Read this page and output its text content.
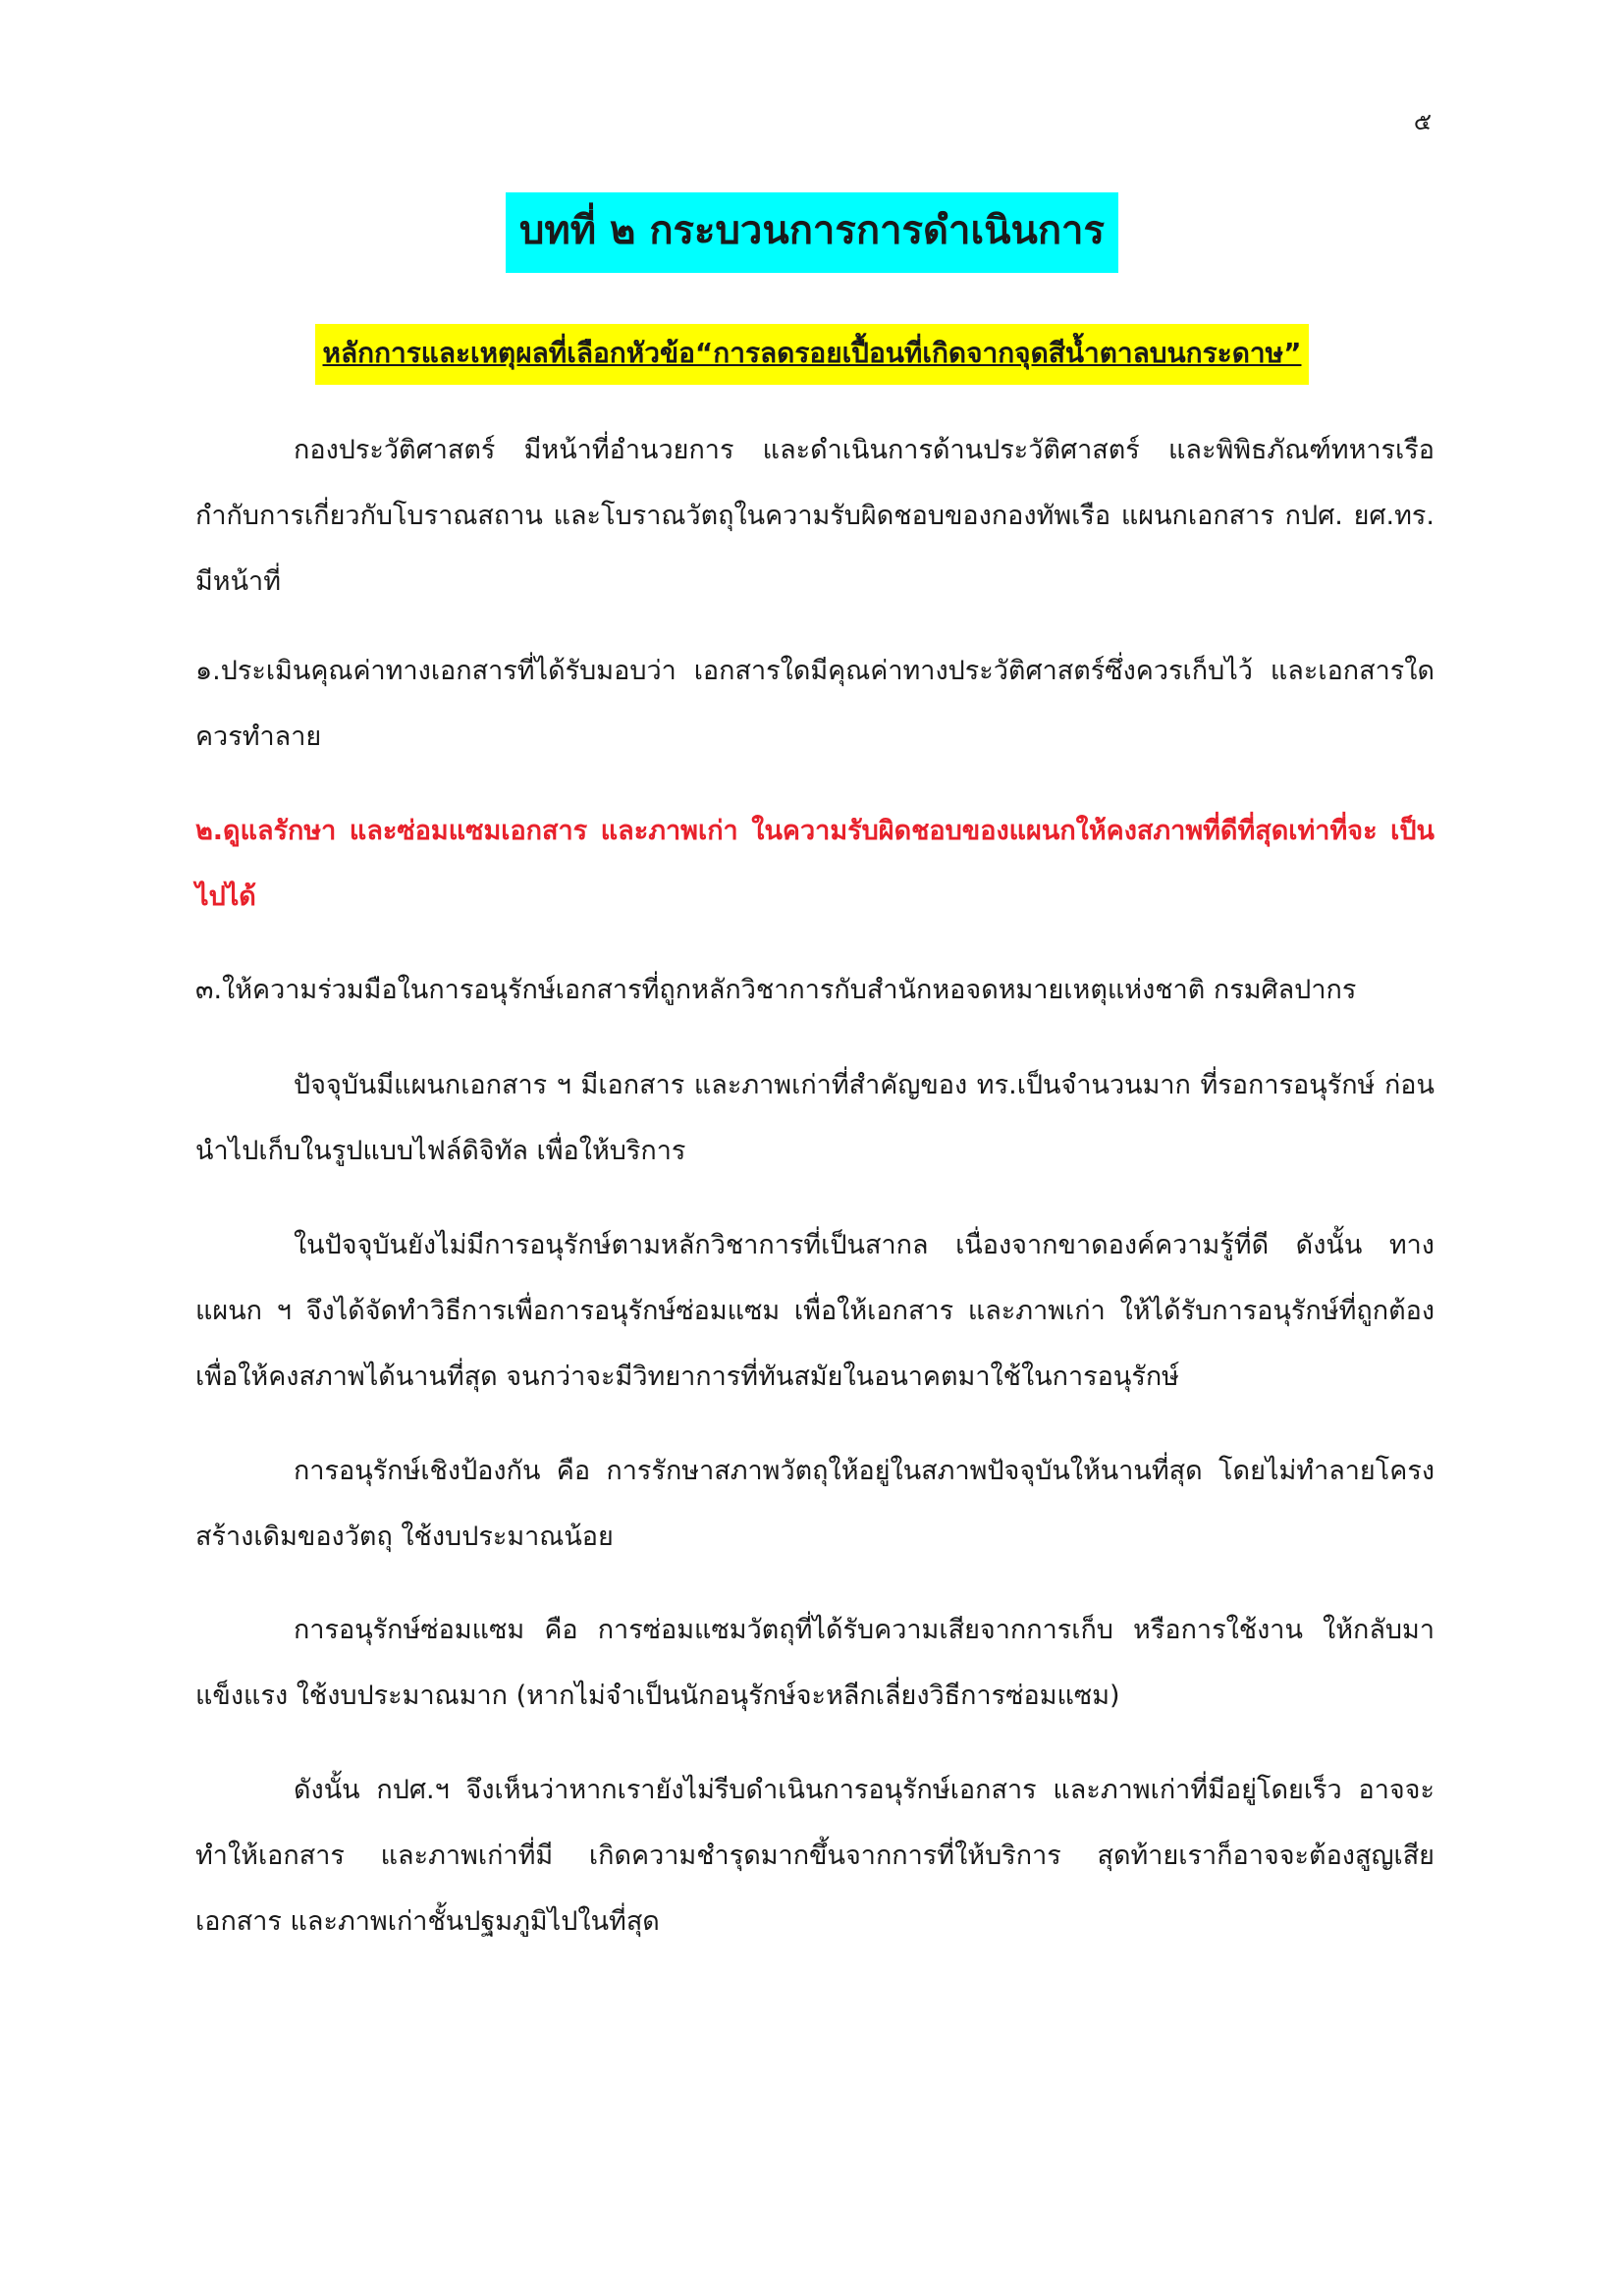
๕
บทที่ ๒ กระบวนการการดำเนินการ
หลักการและเหตุผลที่เลือกหัวข้อ“การลดรอยเปื้อนที่เกิดจากจุดสีน้ำตาลบนกระดาษ”

กองประวัติศาสตร์ มีหน้าที่อำนวยการ และดำเนินการด้านประวัติศาสตร์ และพิพิธภัณฑ์ทหารเรือ กำกับการเกี่ยวกับโบราณสถาน และโบราณวัตถุในความรับผิดชอบของกองทัพเรือ แผนกเอกสาร กปศ. ยศ.ทร. มีหน้าที่

๑.ประเมินคุณค่าทางเอกสารที่ได้รับมอบว่า เอกสารใดมีคุณค่าทางประวัติศาสตร์ซึ่งควรเก็บไว้ และเอกสารใด ควรทำลาย

๒.ดูแลรักษา และซ่อมแซมเอกสาร และภาพเก่า ในความรับผิดชอบของแผนกให้คงสภาพที่ดีที่สุดเท่าที่จะ เป็นไปได้

๓.ให้ความร่วมมือในการอนุรักษ์เอกสารที่ถูกหลักวิชาการกับสำนักหอจดหมายเหตุแห่งชาติ กรมศิลปากร

ปัจจุบันมีแผนกเอกสาร ฯ มีเอกสาร และภาพเก่าที่สำคัญของ ทร.เป็นจำนวนมาก ที่รอการอนุรักษ์ ก่อนนำไปเก็บในรูปแบบไฟล์ดิจิทัล เพื่อให้บริการ

ในปัจจุบันยังไม่มีการอนุรักษ์ตามหลักวิชาการที่เป็นสากล เนื่องจากขาดองค์ความรู้ที่ดี ดังนั้น ทาง แผนก ฯ จึงได้จัดทำวิธีการเพื่อการอนุรักษ์ซ่อมแซม เพื่อให้เอกสาร และภาพเก่า ให้ได้รับการอนุรักษ์ที่ถูกต้อง เพื่อให้คงสภาพได้นานที่สุด จนกว่าจะมีวิทยาการที่ทันสมัยในอนาคตมาใช้ในการอนุรักษ์

การอนุรักษ์เชิงป้องกัน คือ การรักษาสภาพวัตถุให้อยู่ในสภาพปัจจุบันให้นานที่สุด โดยไม่ทำลายโครง สร้างเดิมของวัตถุ ใช้งบประมาณน้อย

การอนุรักษ์ซ่อมแซม คือ การซ่อมแซมวัตถุที่ได้รับความเสียจากการเก็บ หรือการใช้งาน ให้กลับมา แข็งแรง ใช้งบประมาณมาก (หากไม่จำเป็นนักอนุรักษ์จะหลีกเลี่ยงวิธีการซ่อมแซม)

ดังนั้น กปศ.ฯ จึงเห็นว่าหากเรายังไม่รีบดำเนินการอนุรักษ์เอกสาร และภาพเก่าที่มีอยู่โดยเร็ว อาจจะ ทำให้เอกสาร และภาพเก่าที่มี เกิดความชำรุดมากขึ้นจากการที่ให้บริการ สุดท้ายเราก็อาจจะต้องสูญเสีย เอกสาร และภาพเก่าชั้นปฐมภูมิไปในที่สุด
